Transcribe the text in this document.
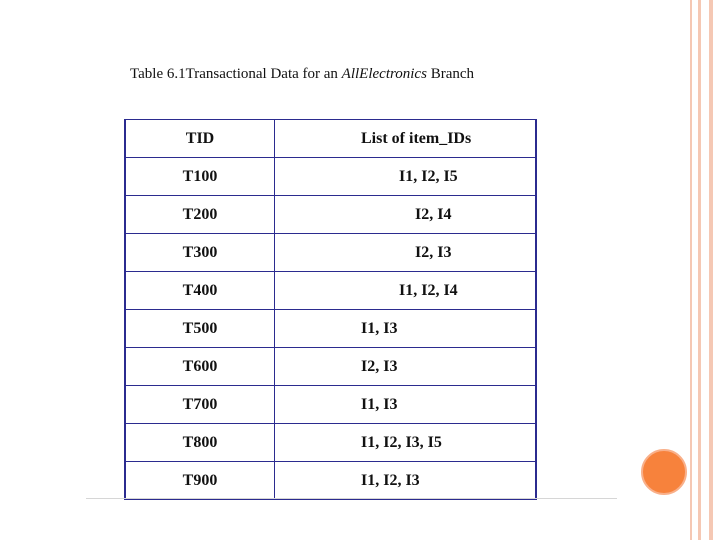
Table 6.1Transactional Data for an AllElectronics Branch
TID	List of item_IDs
T100	I1, I2, I5
T200	I2, I4
T300	I2, I3
T400	I1, I2, I4
T500	I1, I3
T600	I2, I3
T700	I1, I3
T800	I1, I2, I3, I5
T900	I1, I2, I3
